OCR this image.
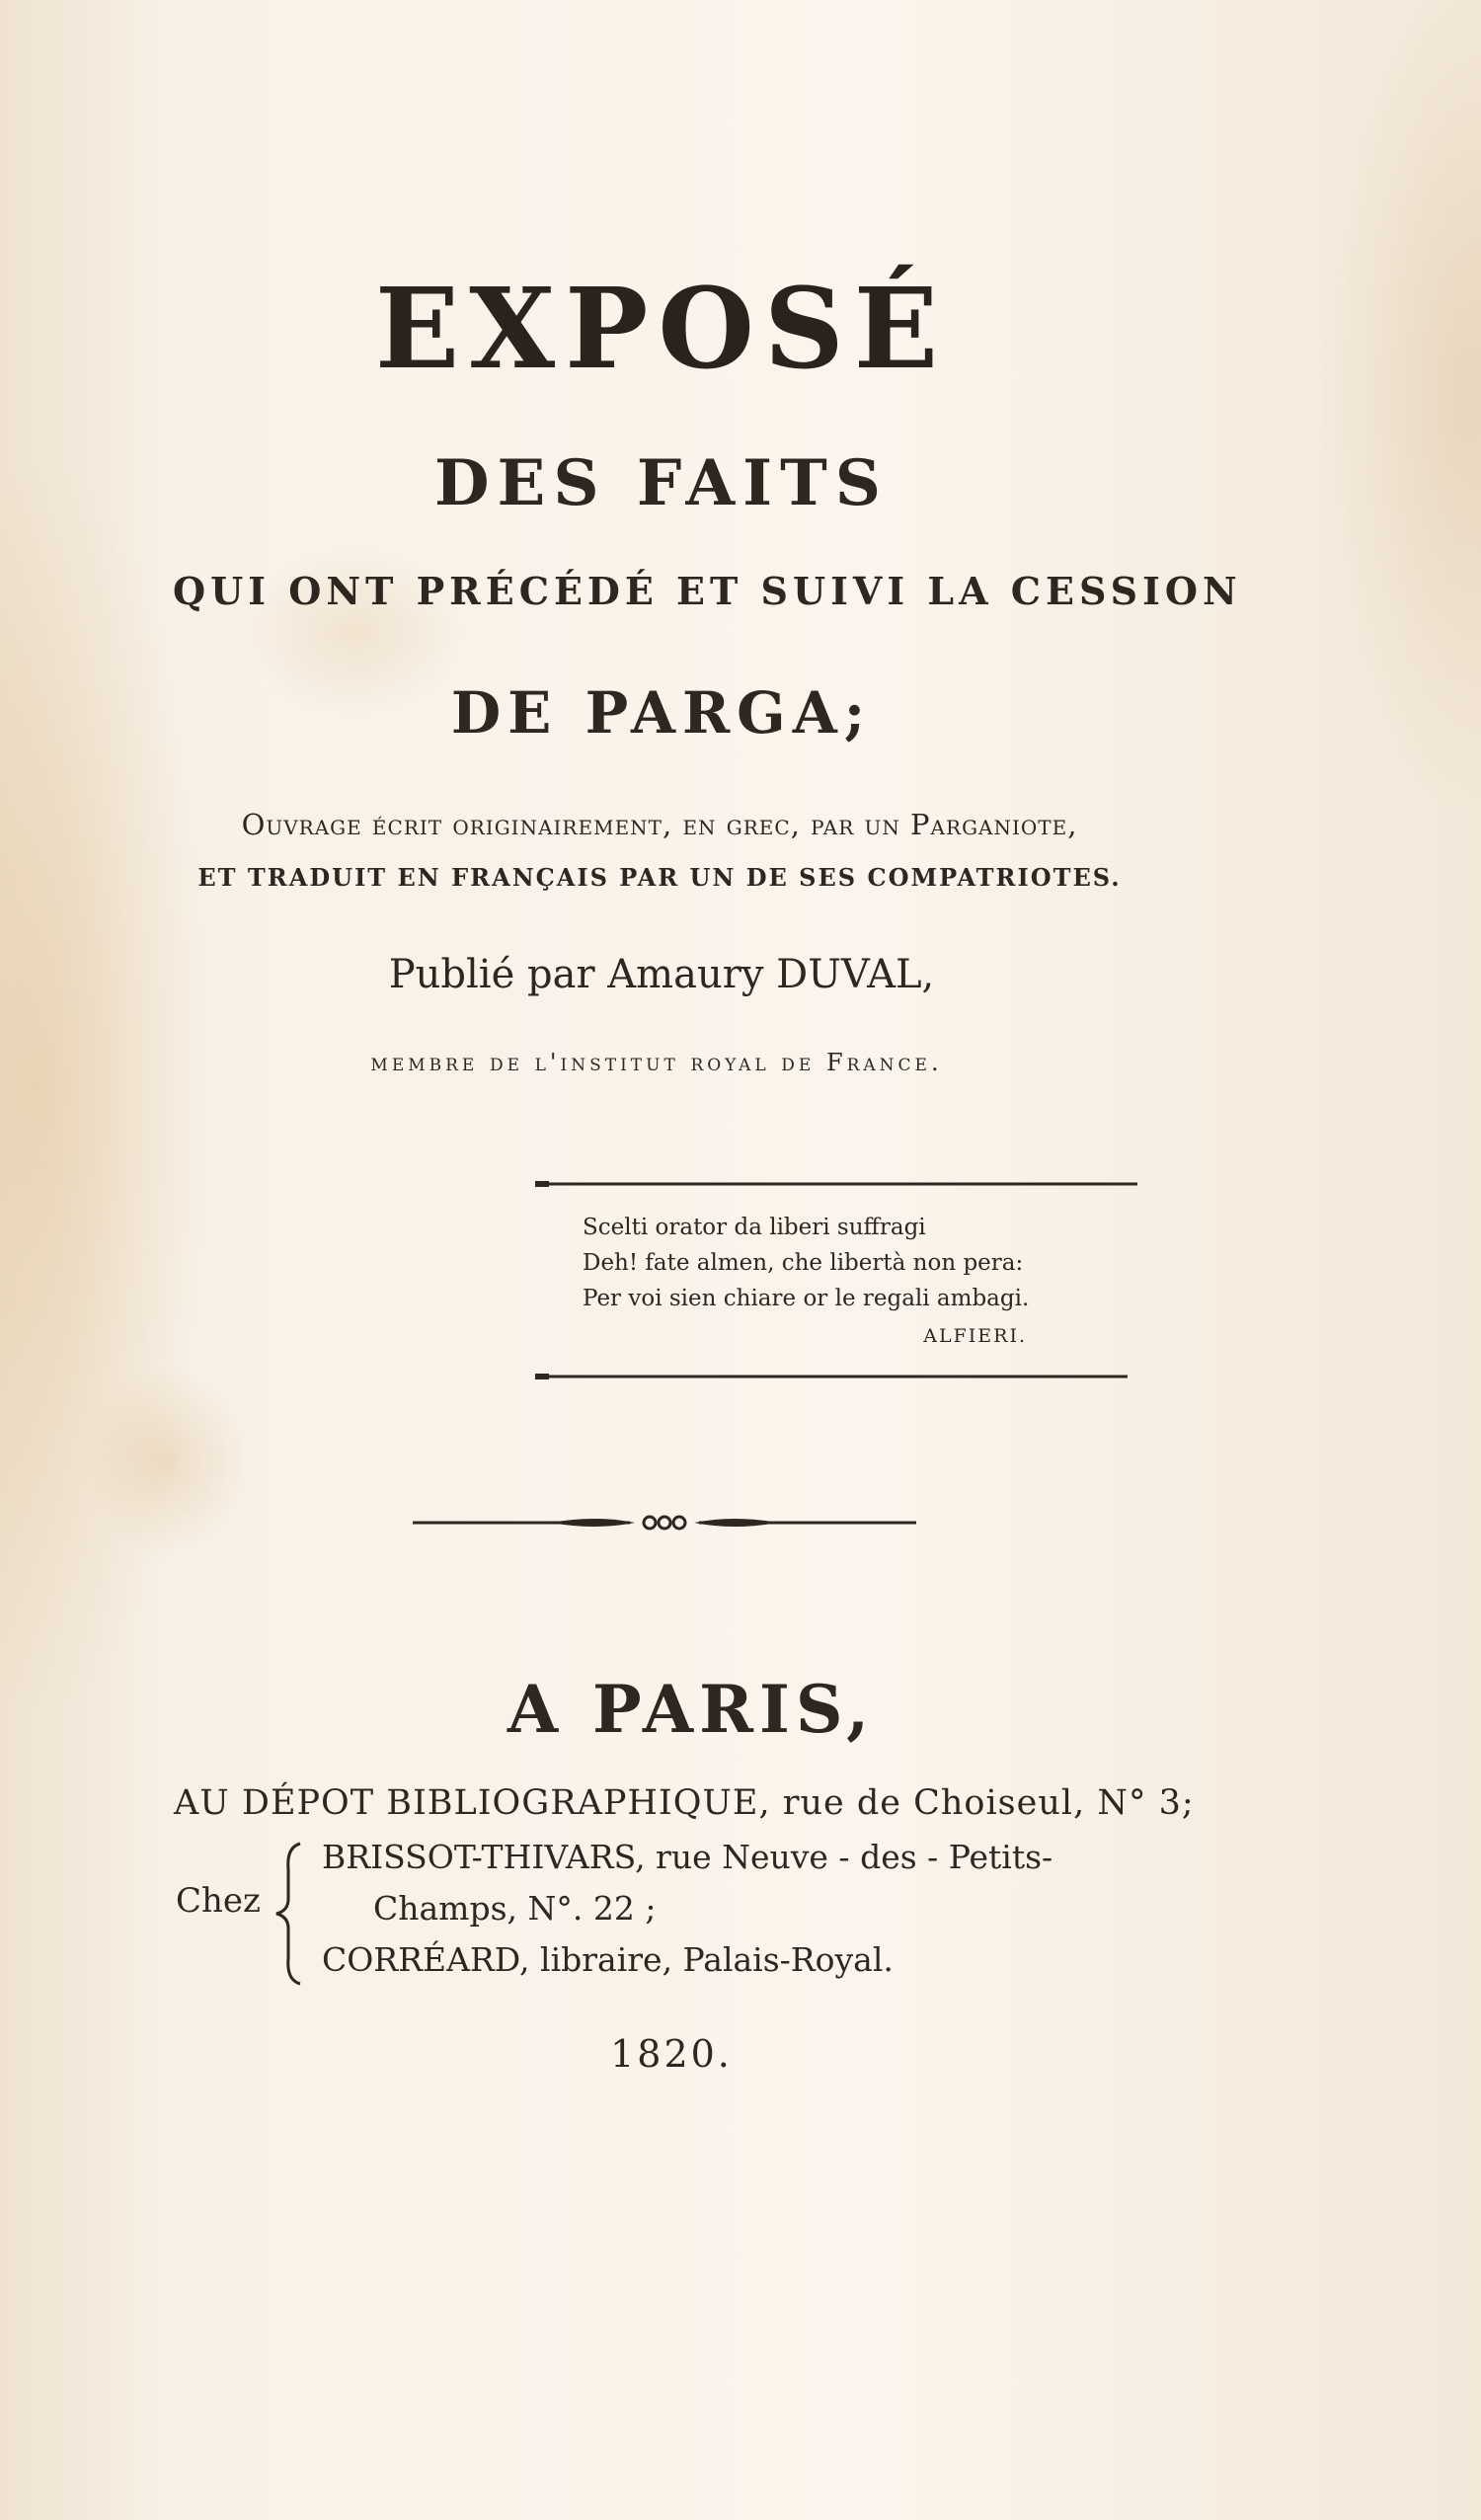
EXPOSÉ
DES FAITS
QUI ONT PRÉCÉDÉ ET SUIVI LA CESSION
DE PARGA;
Ouvrage écrit originairement, en grec, par un Parganiote,
ET TRADUIT EN FRANÇAIS PAR UN DE SES COMPATRIOTES.
Publié par Amaury DUVAL,
membre de l'institut royal de France.
Scelti orator da liberi suffragi
Deh! fate almen, che libertà non pera:
Per voi sien chiare or le regali ambagi.
ALFIERI.
A PARIS,
AU DÉPOT BIBLIOGRAPHIQUE, rue de Choiseul, N° 3;
Chez
BRISSOT-THIVARS, rue Neuve - des - Petits-
Champs, N°. 22 ;
CORRÉARD, libraire, Palais-Royal.
1820.
